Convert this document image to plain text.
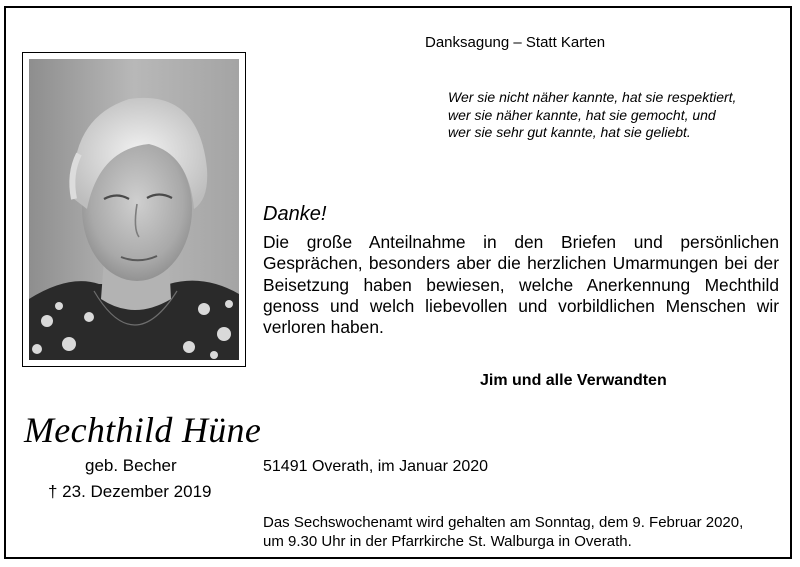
Danksagung – Statt Karten
Wer sie nicht näher kannte, hat sie respektiert,
wer sie näher kannte, hat sie gemocht, und
wer sie sehr gut kannte, hat sie geliebt.
Danke!
Die große Anteilnahme in den Briefen und persönlichen Gesprächen, besonders aber die herzlichen Umarmungen bei der Beisetzung haben bewiesen, welche Anerkennung Mechthild genoss und welch liebevollen und vorbildlichen Menschen wir verloren haben.
Jim und alle Verwandten
Mechthild Hüne
geb. Becher
† 23. Dezember 2019
51491 Overath, im Januar 2020
Das Sechswochenamt wird gehalten am Sonntag, dem 9. Februar 2020,
um 9.30 Uhr in der Pfarrkirche St. Walburga in Overath.
